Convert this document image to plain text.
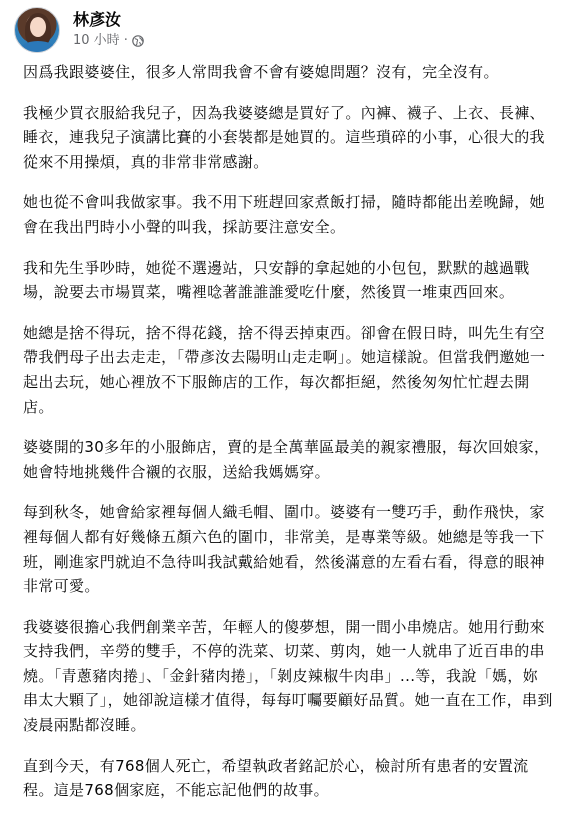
林彥汝
10 小時 ·

因爲我跟婆婆住，很多人常問我會不會有婆媳問題？沒有，完全沒有。

我極少買衣服給我兒子，因為我婆婆總是買好了。內褲、襪子、上衣、長褲、睡衣，連我兒子演講比賽的小套裝都是她買的。這些瑣碎的小事，心很大的我從來不用操煩，真的非常非常感謝。

她也從不會叫我做家事。我不用下班趕回家煮飯打掃，隨時都能出差晚歸，她會在我出門時小小聲的叫我，採訪要注意安全。

我和先生爭吵時，她從不選邊站，只安靜的拿起她的小包包，默默的越過戰場，說要去市場買菜，嘴裡唸著誰誰誰愛吃什麼，然後買一堆東西回來。

她總是捨不得玩，捨不得花錢，捨不得丟掉東西。卻會在假日時，叫先生有空帶我們母子出去走走，「帶彥汝去陽明山走走啊」。她這樣說。但當我們邀她一起出去玩，她心裡放不下服飾店的工作，每次都拒絕，然後匆匆忙忙趕去開店。

婆婆開的30多年的小服飾店，賣的是全萬華區最美的親家禮服，每次回娘家，她會特地挑幾件合襯的衣服，送給我媽媽穿。

每到秋冬，她會給家裡每個人織毛帽、圍巾。婆婆有一雙巧手，動作飛快，家裡每個人都有好幾條五顏六色的圍巾，非常美，是專業等級。她總是等我一下班，剛進家門就迫不急待叫我試戴給她看，然後滿意的左看右看，得意的眼神非常可愛。

我婆婆很擔心我們創業辛苦，年輕人的傻夢想，開一間小串燒店。她用行動來支持我們，辛勞的雙手，不停的洗菜、切菜、剪肉，她一人就串了近百串的串燒。「青蔥豬肉捲」、「金針豬肉捲」，「剝皮辣椒牛肉串」...等，我說「媽，妳串太大顆了」，她卻說這樣才值得，每每叮囑要顧好品質。她一直在工作，串到凌晨兩點都沒睡。

直到今天，有768個人死亡，希望執政者銘記於心，檢討所有患者的安置流程。這是768個家庭，不能忘記他們的故事。
